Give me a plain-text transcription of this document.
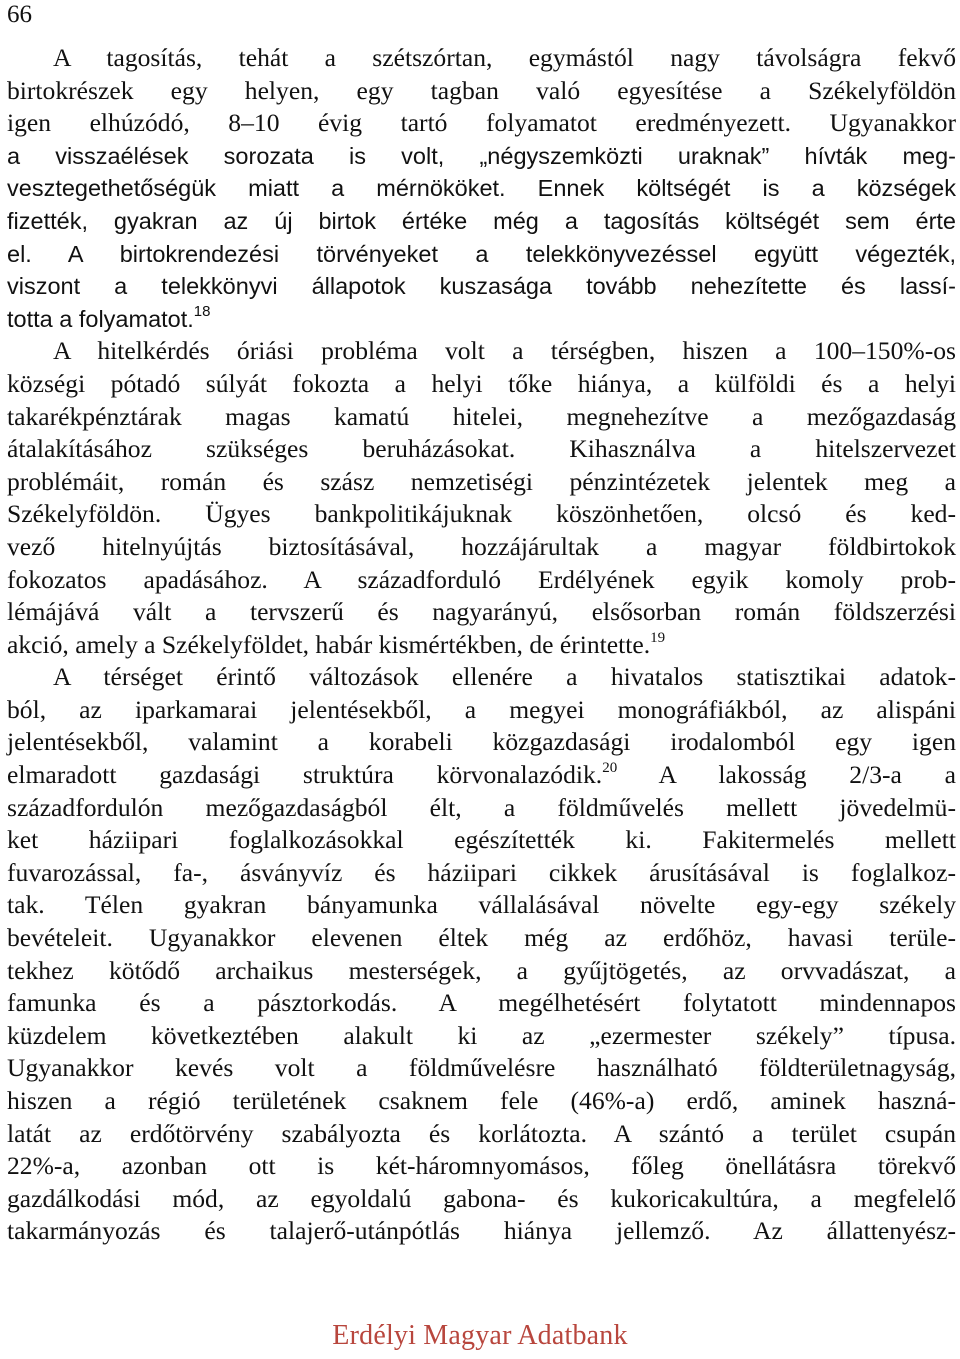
66
A tagosítás, tehát a szétszórtan, egymástól nagy távolságra fekvő
birtokrészek egy helyen, egy tagban való egyesítése a Székelyföldön
igen elhúzódó, 8–10 évig tartó folyamatot eredményezett. Ugyanakkor
a visszaélések sorozata is volt, „négyszemközti uraknak” hívták meg-
vesztegethetőségük miatt a mérnököket. Ennek költségét is a községek
fizették, gyakran az új birtok értéke még a tagosítás költségét sem érte
el. A birtokrendezési törvényeket a telekkönyvezéssel együtt végezték,
viszont a telekkönyvi állapotok kuszasága tovább nehezítette és lassí-
totta a folyamatot.$^{18}$
A hitelkérdés óriási probléma volt a térségben, hiszen a 100–150%-os
községi pótadó súlyát fokozta a helyi tőke hiánya, a külföldi és a helyi
takarékpénztárak magas kamatú hitelei, megnehezítve a mezőgazdaság
átalakításához szükséges beruházásokat. Kihasználva a hitelszervezet
problémáit, román és szász nemzetiségi pénzintézetek jelentek meg a
Székelyföldön. Ügyes bankpolitikájuknak köszönhetően, olcsó és ked-
vező hitelnyújtás biztosításával, hozzájárultak a magyar földbirtokok
fokozatos apadásához. A századforduló Erdélyének egyik komoly prob-
lémájává vált a tervszerű és nagyarányú, elsősorban román földszerzési
akció, amely a Székelyföldet, habár kismértékben, de érintette.$^{19}$
A térséget érintő változások ellenére a hivatalos statisztikai adatok-
ból, az iparkamarai jelentésekből, a megyei monográfiákból, az alispáni
jelentésekből, valamint a korabeli közgazdasági irodalomból egy igen
elmaradott gazdasági struktúra körvonalazódik.$^{20}$ A lakosság 2/3-a a
századfordulón mezőgazdaságból élt, a földművelés mellett jövedelmü-
ket háziipari foglalkozásokkal egészítették ki. Fakitermelés mellett
fuvarozással, fa-, ásványvíz és háziipari cikkek árusításával is foglalkoz-
tak. Télen gyakran bányamunka vállalásával növelte egy-egy székely
bevételeit. Ugyanakkor elevenen éltek még az erdőhöz, havasi terüle-
tekhez kötődő archaikus mesterségek, a gyűjtögetés, az orvvadászat, a
famunka és a pásztorkodás. A megélhetésért folytatott mindennapos
küzdelem következtében alakult ki az „ezermester székely” típusa.
Ugyanakkor kevés volt a földművelésre használható földterületnagyság,
hiszen a régió területének csaknem fele (46%-a) erdő, aminek haszná-
latát az erdőtörvény szabályozta és korlátozta. A szántó a terület csupán
22%-a, azonban ott is két-háromnyomásos, főleg önellátásra törekvő
gazdálkodási mód, az egyoldalú gabona- és kukoricakultúra, a megfelelő
takarmányozás és talajerő-utánpótlás hiánya jellemző. Az állattenyész-
Erdélyi Magyar Adatbank
